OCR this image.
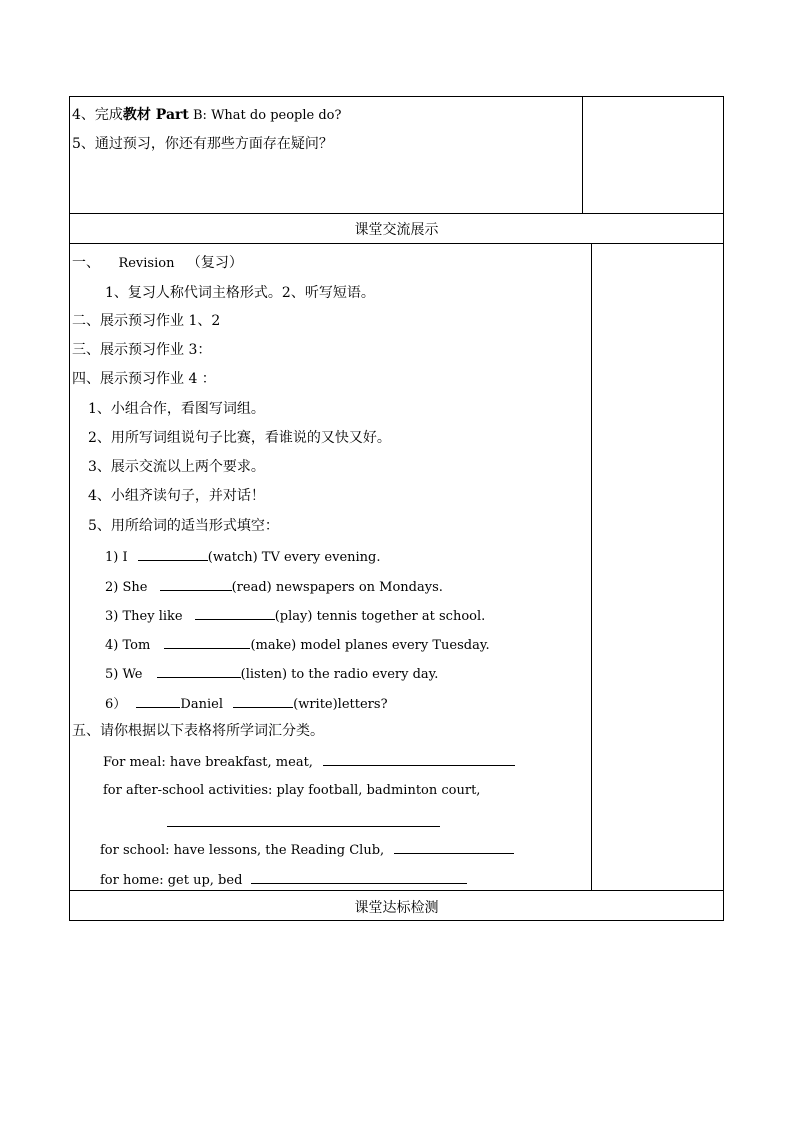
4、完成教材 Part B: What do people do?
5、通过预习，你还有那些方面存在疑问？
课堂交流展示
一、 Revision （复习）
1、复习人称代词主格形式。2、听写短语。
二、展示预习作业 1、2
三、展示预习作业 3：
四、展示预习作业 4 ：
1、小组合作，看图写词组。
2、用所写词组说句子比赛，看谁说的又快又好。
3、展示交流以上两个要求。
4、小组齐读句子，并对话！
5、用所给词的适当形式填空：
1) I	(watch) TV every evening.
2) She	(read) newspapers on Mondays.
3) They like	(play) tennis together at school.
4) Tom	(make) model planes every Tuesday.
5) We	(listen) to the radio every day.
6）	Daniel	(write)letters?
五、请你根据以下表格将所学词汇分类。
For meal: have breakfast, meat,
for after-school activities: play football, badminton court,
for school: have lessons, the Reading Club,
for home: get up, bed
课堂达标检测
